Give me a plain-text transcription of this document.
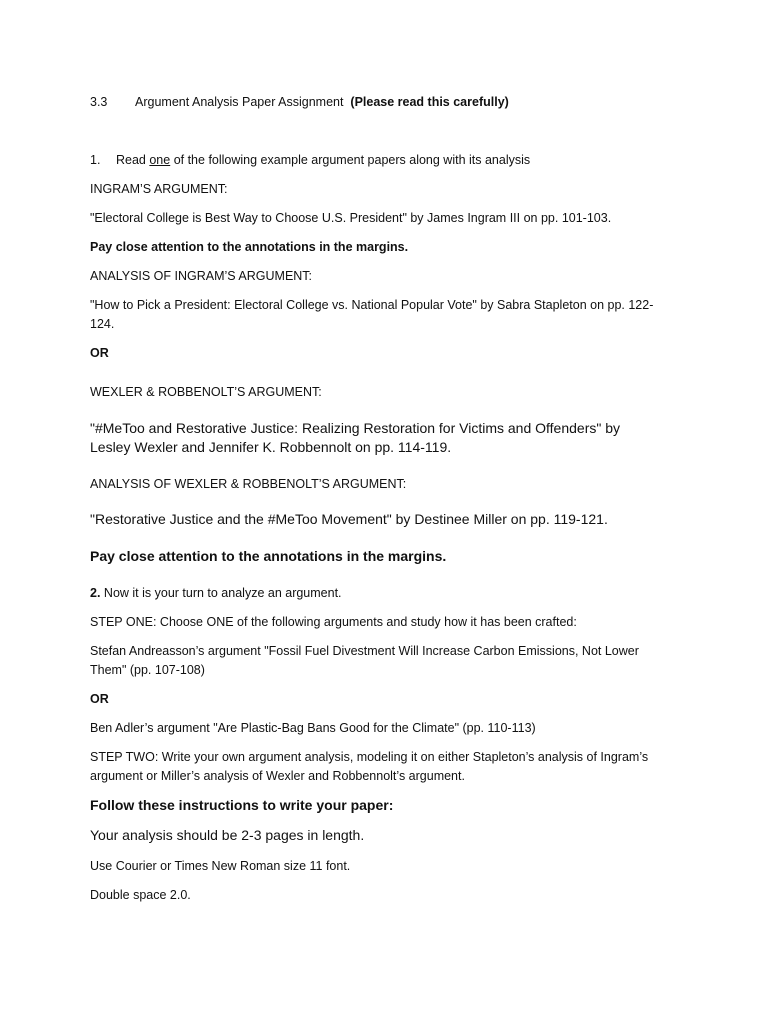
3.3 Argument Analysis Paper Assignment (Please read this carefully)
1. Read one of the following example argument papers along with its analysis
INGRAM’S ARGUMENT:
"Electoral College is Best Way to Choose U.S. President" by James Ingram III on pp. 101-103.
Pay close attention to the annotations in the margins.
ANALYSIS OF INGRAM’S ARGUMENT:
"How to Pick a President: Electoral College vs. National Popular Vote" by Sabra Stapleton on pp. 122-124.
OR
WEXLER & ROBBENOLT’S ARGUMENT:
"#MeToo and Restorative Justice: Realizing Restoration for Victims and Offenders" by Lesley Wexler and Jennifer K. Robbennolt on pp. 114-119.
ANALYSIS OF WEXLER & ROBBENOLT’S ARGUMENT:
"Restorative Justice and the #MeToo Movement" by Destinee Miller on pp. 119-121.
Pay close attention to the annotations in the margins.
2. Now it is your turn to analyze an argument.
STEP ONE: Choose ONE of the following arguments and study how it has been crafted:
Stefan Andreasson’s argument "Fossil Fuel Divestment Will Increase Carbon Emissions, Not Lower Them" (pp. 107-108)
OR
Ben Adler’s argument "Are Plastic-Bag Bans Good for the Climate" (pp. 110-113)
STEP TWO: Write your own argument analysis, modeling it on either Stapleton’s analysis of Ingram’s argument or Miller’s analysis of Wexler and Robbennolt’s argument.
Follow these instructions to write your paper:
Your analysis should be 2-3 pages in length.
Use Courier or Times New Roman size 11 font.
Double space 2.0.
